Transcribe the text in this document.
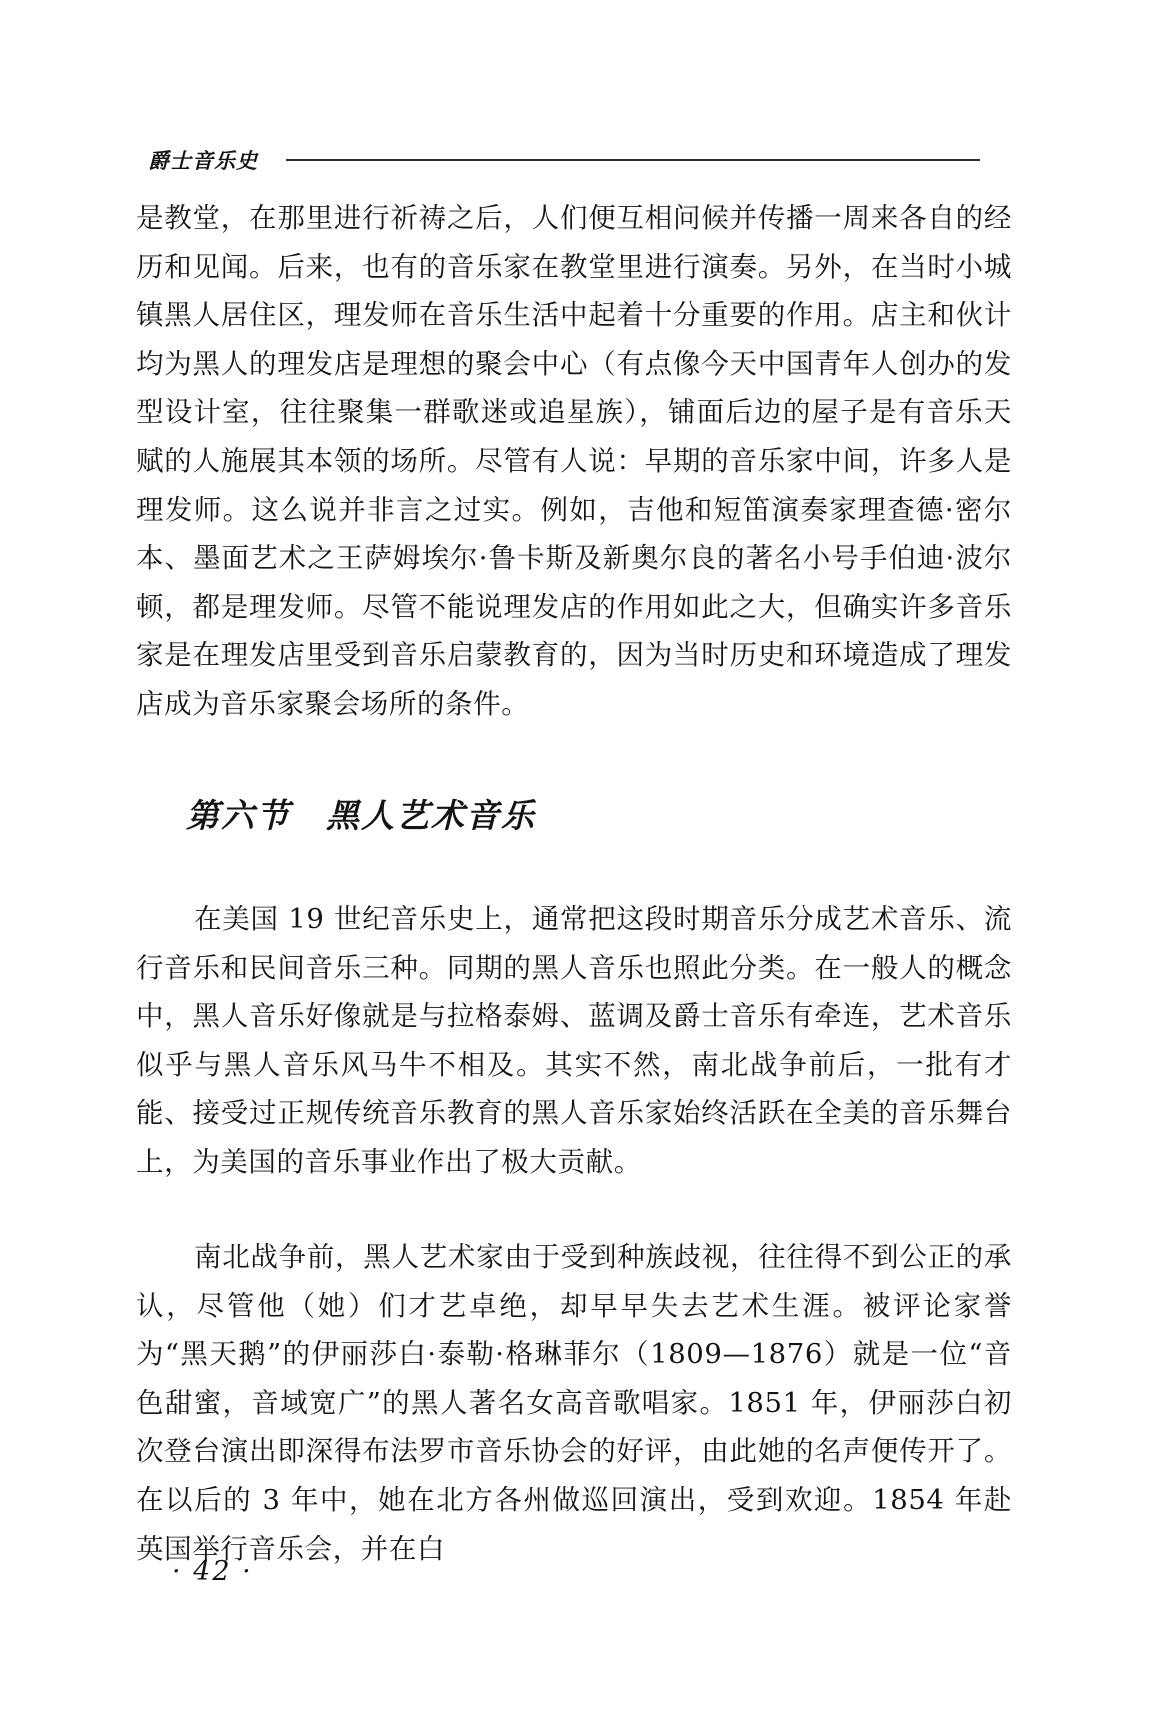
爵士音乐史

是教堂，在那里进行祈祷之后，人们便互相问候并传播一周来各自的经历和见闻。后来，也有的音乐家在教堂里进行演奏。另外，在当时小城镇黑人居住区，理发师在音乐生活中起着十分重要的作用。店主和伙计均为黑人的理发店是理想的聚会中心（有点像今天中国青年人创办的发型设计室，往往聚集一群歌迷或追星族），铺面后边的屋子是有音乐天赋的人施展其本领的场所。尽管有人说：早期的音乐家中间，许多人是理发师。这么说并非言之过实。例如，吉他和短笛演奏家理查德·密尔本、墨面艺术之王萨姆埃尔·鲁卡斯及新奥尔良的著名小号手伯迪·波尔顿，都是理发师。尽管不能说理发店的作用如此之大，但确实许多音乐家是在理发店里受到音乐启蒙教育的，因为当时历史和环境造成了理发店成为音乐家聚会场所的条件。

第六节　黑人艺术音乐

在美国 19 世纪音乐史上，通常把这段时期音乐分成艺术音乐、流行音乐和民间音乐三种。同期的黑人音乐也照此分类。在一般人的概念中，黑人音乐好像就是与拉格泰姆、蓝调及爵士音乐有牵连，艺术音乐似乎与黑人音乐风马牛不相及。其实不然，南北战争前后，一批有才能、接受过正规传统音乐教育的黑人音乐家始终活跃在全美的音乐舞台上，为美国的音乐事业作出了极大贡献。

南北战争前，黑人艺术家由于受到种族歧视，往往得不到公正的承认，尽管他（她）们才艺卓绝，却早早失去艺术生涯。被评论家誉为“黑天鹅”的伊丽莎白·泰勒·格琳菲尔（1809—1876）就是一位“音色甜蜜，音域宽广”的黑人著名女高音歌唱家。1851 年，伊丽莎白初次登台演出即深得布法罗市音乐协会的好评，由此她的名声便传开了。在以后的 3 年中，她在北方各州做巡回演出，受到欢迎。1854 年赴英国举行音乐会，并在白

· 42 ·
